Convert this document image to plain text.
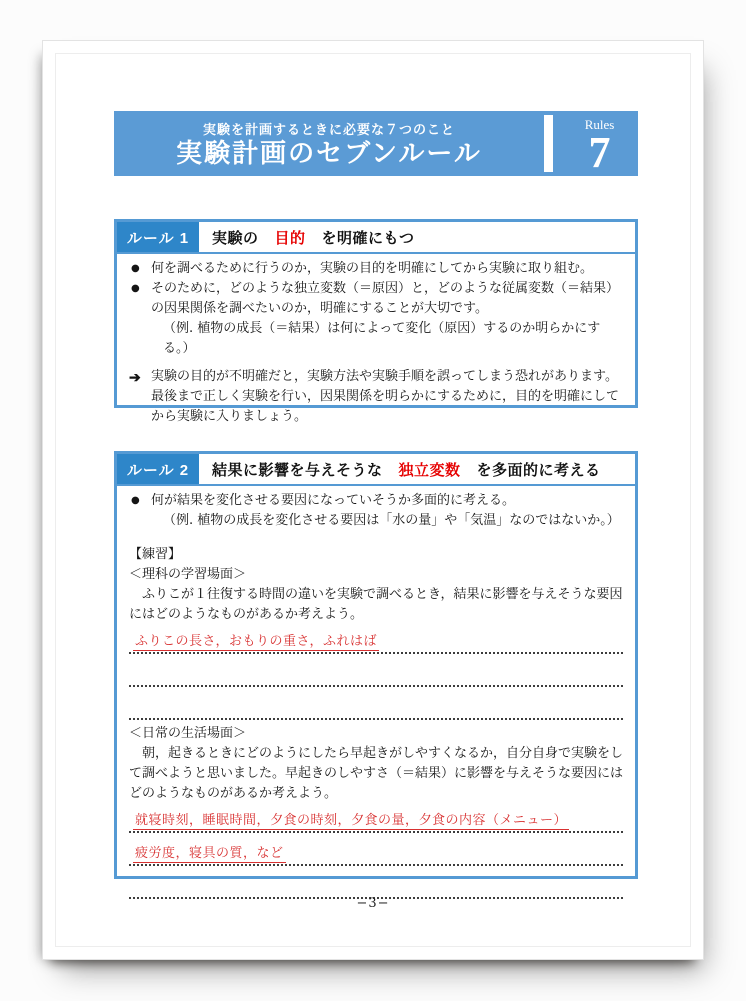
実験を計画するときに必要な７つのこと
実験計画のセブンルール
Rules
7
ルール 1	実験の 目的 を明確にもつ
● 何を調べるために行うのか，実験の目的を明確にしてから実験に取り組む。

● そのために，どのような独立変数（＝原因）と，どのような従属変数（＝結果）の因果関係を調べたいのか，明確にすることが大切です。

（例. 植物の成長（＝結果）は何によって変化（原因）するのか明らかにする。）

➔ 実験の目的が不明確だと，実験方法や実験手順を誤ってしまう恐れがあります。最後まで正しく実験を行い，因果関係を明らかにするために，目的を明確にしてから実験に入りましょう。

ルール 2	結果に影響を与えそうな 独立変数 を多面的に考える
● 何が結果を変化させる要因になっていそうか多面的に考える。

（例. 植物の成長を変化させる要因は「水の量」や「気温」なのではないか。）

【練習】

＜理科の学習場面＞

ふりこが１往復する時間の違いを実験で調べるとき，結果に影響を与えそうな要因にはどのようなものがあるか考えよう。

ふりこの長さ，おもりの重さ，ふれはば

＜日常の生活場面＞

朝，起きるときにどのようにしたら早起きがしやすくなるか，自分自身で実験をして調べようと思いました。早起きのしやすさ（＝結果）に影響を与えそうな要因にはどのようなものがあるか考えよう。

就寝時刻，睡眠時間，夕食の時刻，夕食の量，夕食の内容（メニュー）
疲労度，寝具の質，など
−3−
